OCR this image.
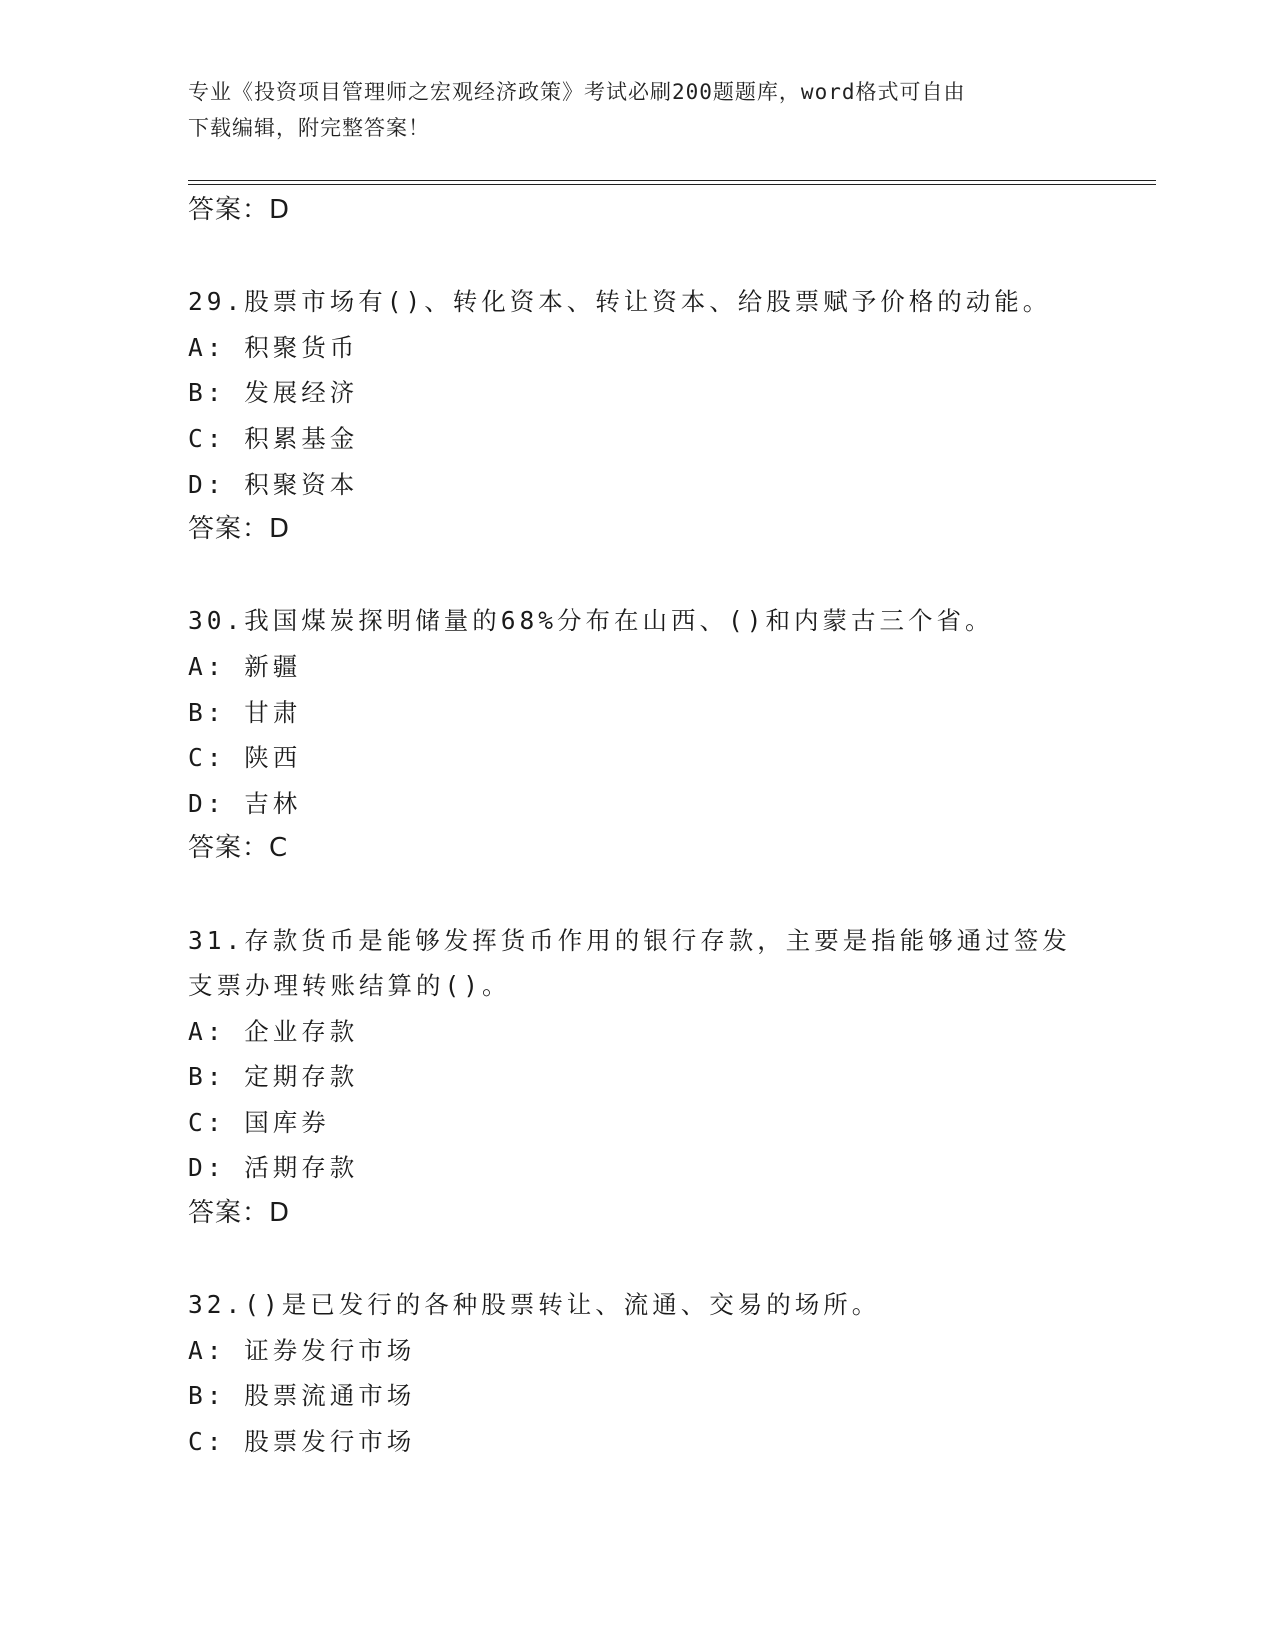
专业《投资项目管理师之宏观经济政策》考试必刷200题题库，word格式可自由
下载编辑，附完整答案！
答案：D
29.股票市场有()、转化资本、转让资本、给股票赋予价格的动能。
A: 积聚货币
B: 发展经济
C: 积累基金
D: 积聚资本
答案：D
30.我国煤炭探明储量的68%分布在山西、()和内蒙古三个省。
A: 新疆
B: 甘肃
C: 陕西
D: 吉林
答案：C
31.存款货币是能够发挥货币作用的银行存款，主要是指能够通过签发
支票办理转账结算的()。
A: 企业存款
B: 定期存款
C: 国库券
D: 活期存款
答案：D
32.()是已发行的各种股票转让、流通、交易的场所。
A: 证券发行市场
B: 股票流通市场
C: 股票发行市场
